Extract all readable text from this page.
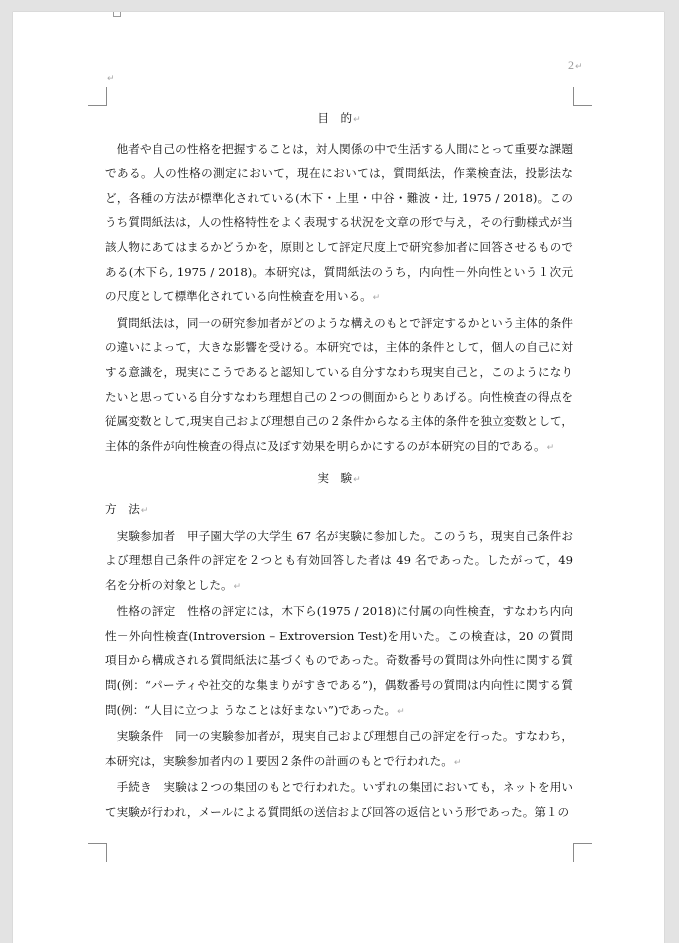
2↵
↵
目　的↵

他者や自己の性格を把握することは，対人関係の中で生活する人間にとって重要な課題である。人の性格の測定において，現在においては，質問紙法，作業検査法，投影法など，各種の方法が標準化されている(木下・上里・中谷・難波・辻, 1975 / 2018)。このうち質問紙法は，人の性格特性をよく表現する状況を文章の形で与え，その行動様式が当該人物にあてはまるかどうかを，原則として評定尺度上で研究参加者に回答させるものである(木下ら, 1975 / 2018)。本研究は，質問紙法のうち，内向性－外向性という１次元の尺度として標準化されている向性検査を用いる。↵

質問紙法は，同一の研究参加者がどのような構えのもとで評定するかという主体的条件の違いによって，大きな影響を受ける。本研究では，主体的条件として，個人の自己に対する意識を，現実にこうであると認知している自分すなわち現実自己と，このようになりたいと思っている自分すなわち理想自己の２つの側面からとりあげる。向性検査の得点を従属変数として,現実自己および理想自己の２条件からなる主体的条件を独立変数として，主体的条件が向性検査の得点に及ぼす効果を明らかにするのが本研究の目的である。↵

実　験↵

方　法↵

実験参加者　甲子園大学の大学生 67 名が実験に参加した。このうち，現実自己条件および理想自己条件の評定を２つとも有効回答した者は 49 名であった。したがって，49 名を分析の対象とした。↵

性格の評定　性格の評定には，木下ら(1975 / 2018)に付属の向性検査，すなわち内向性－外向性検査(Introversion – Extroversion Test)を用いた。この検査は，20 の質問項目から構成される質問紙法に基づくものであった。奇数番号の質問は外向性に関する質問(例：“パーティや社交的な集まりがすきである”)，偶数番号の質問は内向性に関する質問(例：“人目に立つよ うなことは好まない”)であった。↵

実験条件　同一の実験参加者が，現実自己および理想自己の評定を行った。すなわち，本研究は，実験参加者内の１要因２条件の計画のもとで行われた。↵

手続き　実験は２つの集団のもとで行われた。いずれの集団においても，ネットを用いて実験が行われ，メールによる質問紙の送信および回答の返信という形であった。第１の
